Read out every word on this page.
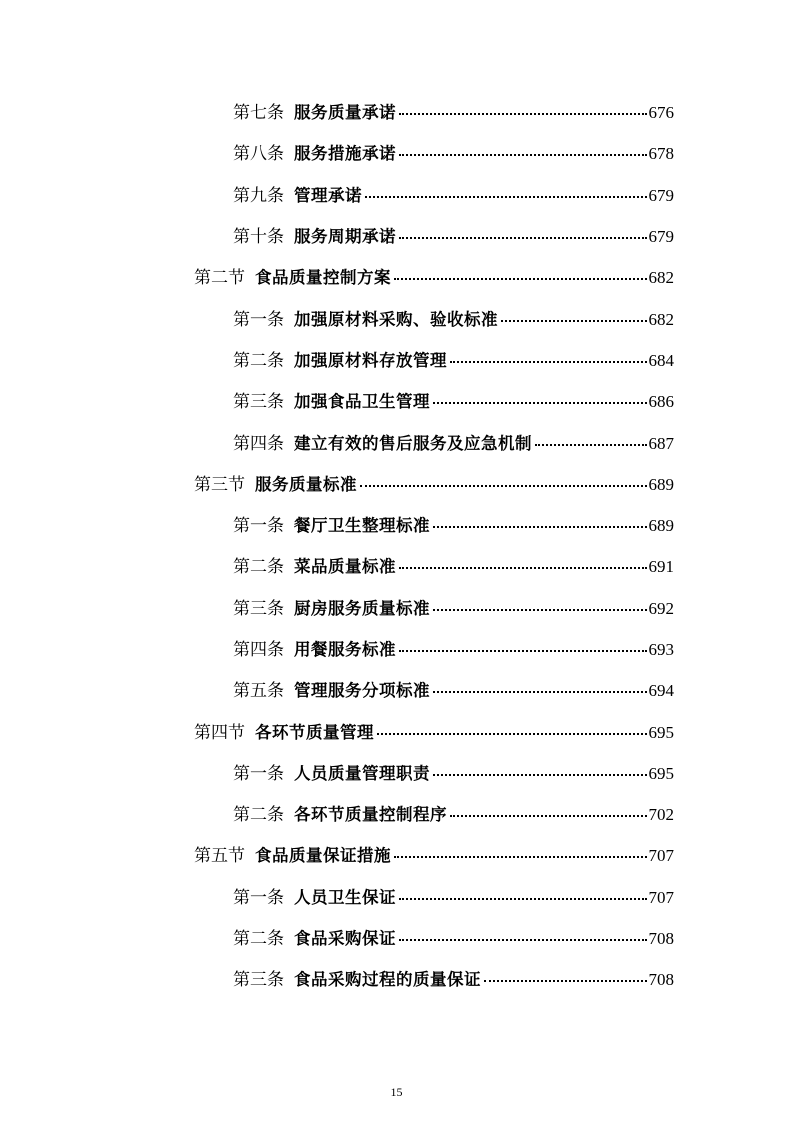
第七条 服务质量承诺	676
第八条 服务措施承诺	678
第九条 管理承诺	679
第十条 服务周期承诺	679
第二节 食品质量控制方案	682
第一条 加强原材料采购、验收标准	682
第二条 加强原材料存放管理	684
第三条 加强食品卫生管理	686
第四条 建立有效的售后服务及应急机制	687
第三节 服务质量标准	689
第一条 餐厅卫生整理标准	689
第二条 菜品质量标准	691
第三条 厨房服务质量标准	692
第四条 用餐服务标准	693
第五条 管理服务分项标准	694
第四节 各环节质量管理	695
第一条 人员质量管理职责	695
第二条 各环节质量控制程序	702
第五节 食品质量保证措施	707
第一条 人员卫生保证	707
第二条 食品采购保证	708
第三条 食品采购过程的质量保证	708
15
